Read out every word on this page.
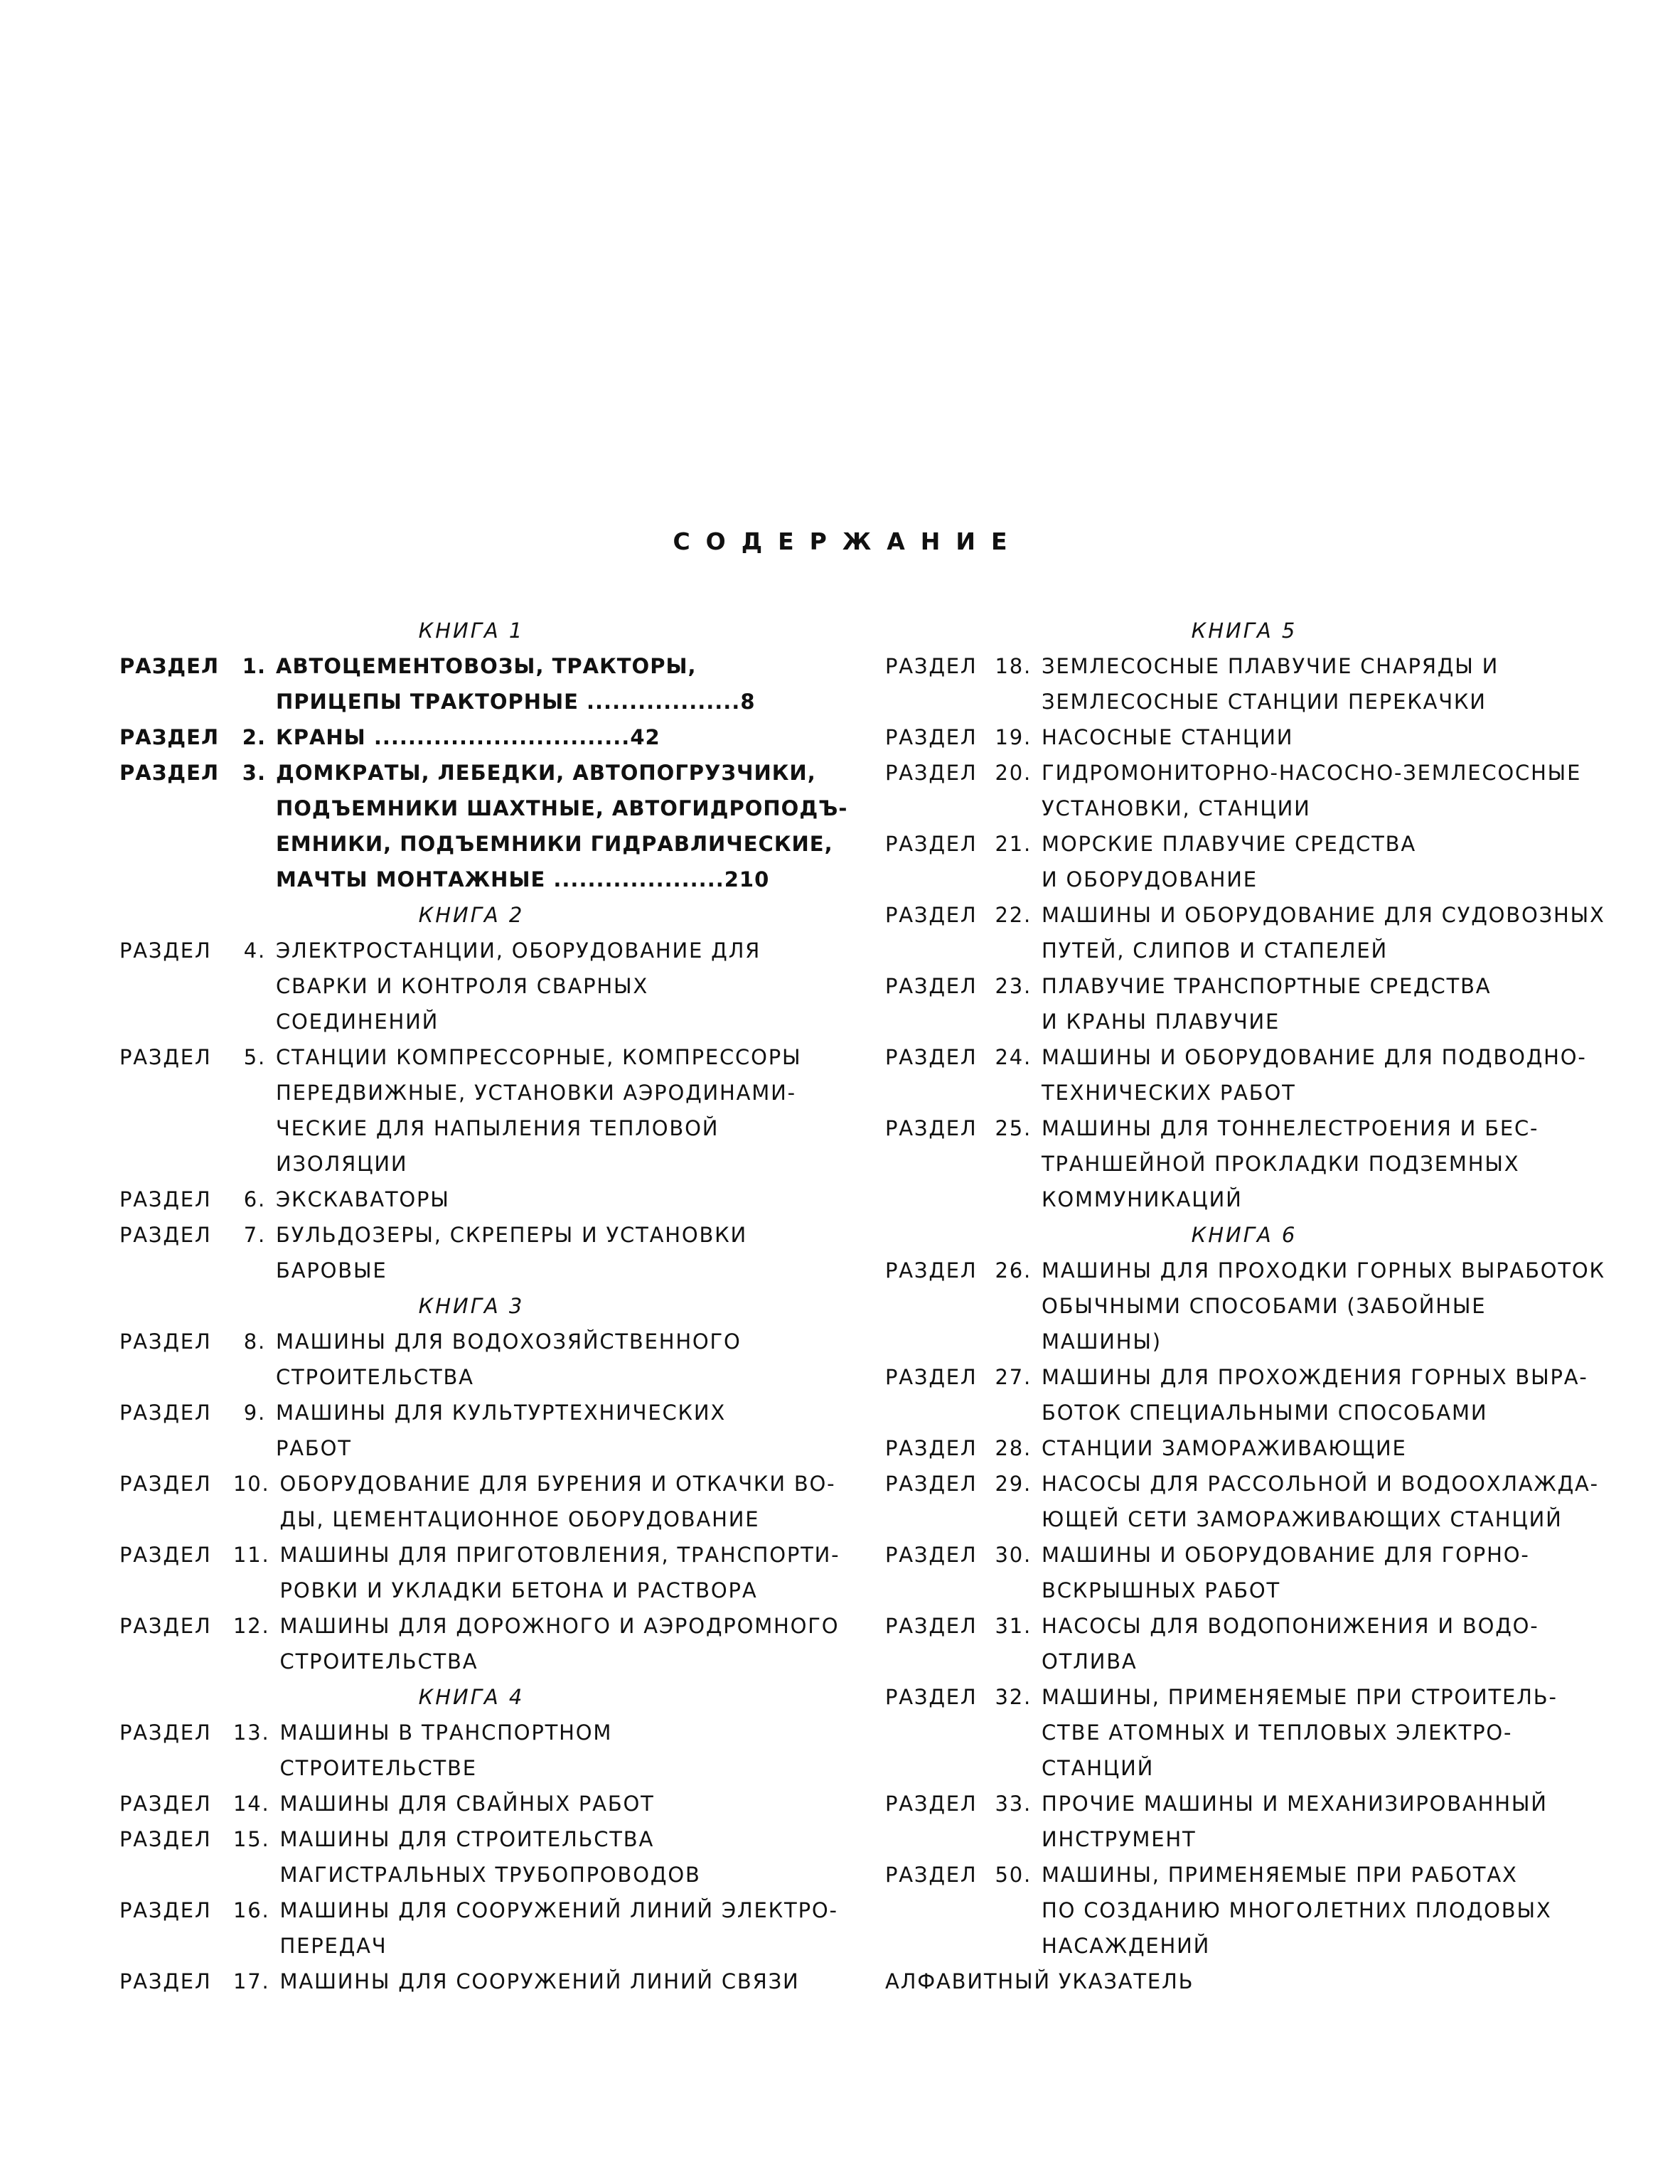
СОДЕРЖАНИЕ
КНИГА 1
РАЗДЕЛ	1. АВТОЦЕМЕНТОВОЗЫ, ТРАКТОРЫ,
ПРИЦЕПЫ ТРАКТОРНЫЕ ..................8
РАЗДЕЛ	2. КРАНЫ ..............................42
РАЗДЕЛ	3. ДОМКРАТЫ, ЛЕБЕДКИ, АВТОПОГРУЗЧИКИ,
ПОДЪЕМНИКИ ШАХТНЫЕ, АВТОГИДРОПОДЪ-
ЕМНИКИ, ПОДЪЕМНИКИ ГИДРАВЛИЧЕСКИЕ,
МАЧТЫ МОНТАЖНЫЕ ....................210
КНИГА 2
РАЗДЕЛ	4. ЭЛЕКТРОСТАНЦИИ, ОБОРУДОВАНИЕ ДЛЯ
СВАРКИ И КОНТРОЛЯ СВАРНЫХ
СОЕДИНЕНИЙ
РАЗДЕЛ	5. СТАНЦИИ КОМПРЕССОРНЫЕ, КОМПРЕССОРЫ
ПЕРЕДВИЖНЫЕ, УСТАНОВКИ АЭРОДИНАМИ-
ЧЕСКИЕ ДЛЯ НАПЫЛЕНИЯ ТЕПЛОВОЙ
ИЗОЛЯЦИИ
РАЗДЕЛ	6. ЭКСКАВАТОРЫ
РАЗДЕЛ	7. БУЛЬДОЗЕРЫ, СКРЕПЕРЫ И УСТАНОВКИ
БАРОВЫЕ
КНИГА 3
РАЗДЕЛ	8. МАШИНЫ ДЛЯ ВОДОХОЗЯЙСТВЕННОГО
СТРОИТЕЛЬСТВА
РАЗДЕЛ	9. МАШИНЫ ДЛЯ КУЛЬТУРТЕХНИЧЕСКИХ
РАБОТ
РАЗДЕЛ	10. ОБОРУДОВАНИЕ ДЛЯ БУРЕНИЯ И ОТКАЧКИ ВО-
ДЫ, ЦЕМЕНТАЦИОННОЕ ОБОРУДОВАНИЕ
РАЗДЕЛ	11. МАШИНЫ ДЛЯ ПРИГОТОВЛЕНИЯ, ТРАНСПОРТИ-
РОВКИ И УКЛАДКИ БЕТОНА И РАСТВОРА
РАЗДЕЛ	12. МАШИНЫ ДЛЯ ДОРОЖНОГО И АЭРОДРОМНОГО
СТРОИТЕЛЬСТВА
КНИГА 4
РАЗДЕЛ	13. МАШИНЫ В ТРАНСПОРТНОМ
СТРОИТЕЛЬСТВЕ
РАЗДЕЛ	14. МАШИНЫ ДЛЯ СВАЙНЫХ РАБОТ
РАЗДЕЛ	15. МАШИНЫ ДЛЯ СТРОИТЕЛЬСТВА
МАГИСТРАЛЬНЫХ ТРУБОПРОВОДОВ
РАЗДЕЛ	16. МАШИНЫ ДЛЯ СООРУЖЕНИЙ ЛИНИЙ ЭЛЕКТРО-
ПЕРЕДАЧ
РАЗДЕЛ	17. МАШИНЫ ДЛЯ СООРУЖЕНИЙ ЛИНИЙ СВЯЗИ
КНИГА 5
РАЗДЕЛ 18. ЗЕМЛЕСОСНЫЕ ПЛАВУЧИЕ СНАРЯДЫ И
ЗЕМЛЕСОСНЫЕ СТАНЦИИ ПЕРЕКАЧКИ
РАЗДЕЛ 19. НАСОСНЫЕ СТАНЦИИ
РАЗДЕЛ 20. ГИДРОМОНИТОРНО-НАСОСНО-ЗЕМЛЕСОСНЫЕ
УСТАНОВКИ, СТАНЦИИ
РАЗДЕЛ 21. МОРСКИЕ ПЛАВУЧИЕ СРЕДСТВА
И ОБОРУДОВАНИЕ
РАЗДЕЛ 22. МАШИНЫ И ОБОРУДОВАНИЕ ДЛЯ СУДОВОЗНЫХ
ПУТЕЙ, СЛИПОВ И СТАПЕЛЕЙ
РАЗДЕЛ 23. ПЛАВУЧИЕ ТРАНСПОРТНЫЕ СРЕДСТВА
И КРАНЫ ПЛАВУЧИЕ
РАЗДЕЛ 24. МАШИНЫ И ОБОРУДОВАНИЕ ДЛЯ ПОДВОДНО-
ТЕХНИЧЕСКИХ РАБОТ
РАЗДЕЛ 25. МАШИНЫ ДЛЯ ТОННЕЛЕСТРОЕНИЯ И БЕС-
ТРАНШЕЙНОЙ ПРОКЛАДКИ ПОДЗЕМНЫХ
КОММУНИКАЦИЙ
КНИГА 6
РАЗДЕЛ 26. МАШИНЫ ДЛЯ ПРОХОДКИ ГОРНЫХ ВЫРАБОТОК
ОБЫЧНЫМИ СПОСОБАМИ (ЗАБОЙНЫЕ
МАШИНЫ)
РАЗДЕЛ 27. МАШИНЫ ДЛЯ ПРОХОЖДЕНИЯ ГОРНЫХ ВЫРА-
БОТОК СПЕЦИАЛЬНЫМИ СПОСОБАМИ
РАЗДЕЛ 28. СТАНЦИИ ЗАМОРАЖИВАЮЩИЕ
РАЗДЕЛ 29. НАСОСЫ ДЛЯ РАССОЛЬНОЙ И ВОДООХЛАЖДА-
ЮЩЕЙ СЕТИ ЗАМОРАЖИВАЮЩИХ СТАНЦИЙ
РАЗДЕЛ 30. МАШИНЫ И ОБОРУДОВАНИЕ ДЛЯ ГОРНО-
ВСКРЫШНЫХ РАБОТ
РАЗДЕЛ 31. НАСОСЫ ДЛЯ ВОДОПОНИЖЕНИЯ И ВОДО-
ОТЛИВА
РАЗДЕЛ 32. МАШИНЫ, ПРИМЕНЯЕМЫЕ ПРИ СТРОИТЕЛЬ-
СТВЕ АТОМНЫХ И ТЕПЛОВЫХ ЭЛЕКТРО-
СТАНЦИЙ
РАЗДЕЛ 33. ПРОЧИЕ МАШИНЫ И МЕХАНИЗИРОВАННЫЙ
ИНСТРУМЕНТ
РАЗДЕЛ 50. МАШИНЫ, ПРИМЕНЯЕМЫЕ ПРИ РАБОТАХ
ПО СОЗДАНИЮ МНОГОЛЕТНИХ ПЛОДОВЫХ
НАСАЖДЕНИЙ
АЛФАВИТНЫЙ УКАЗАТЕЛЬ
